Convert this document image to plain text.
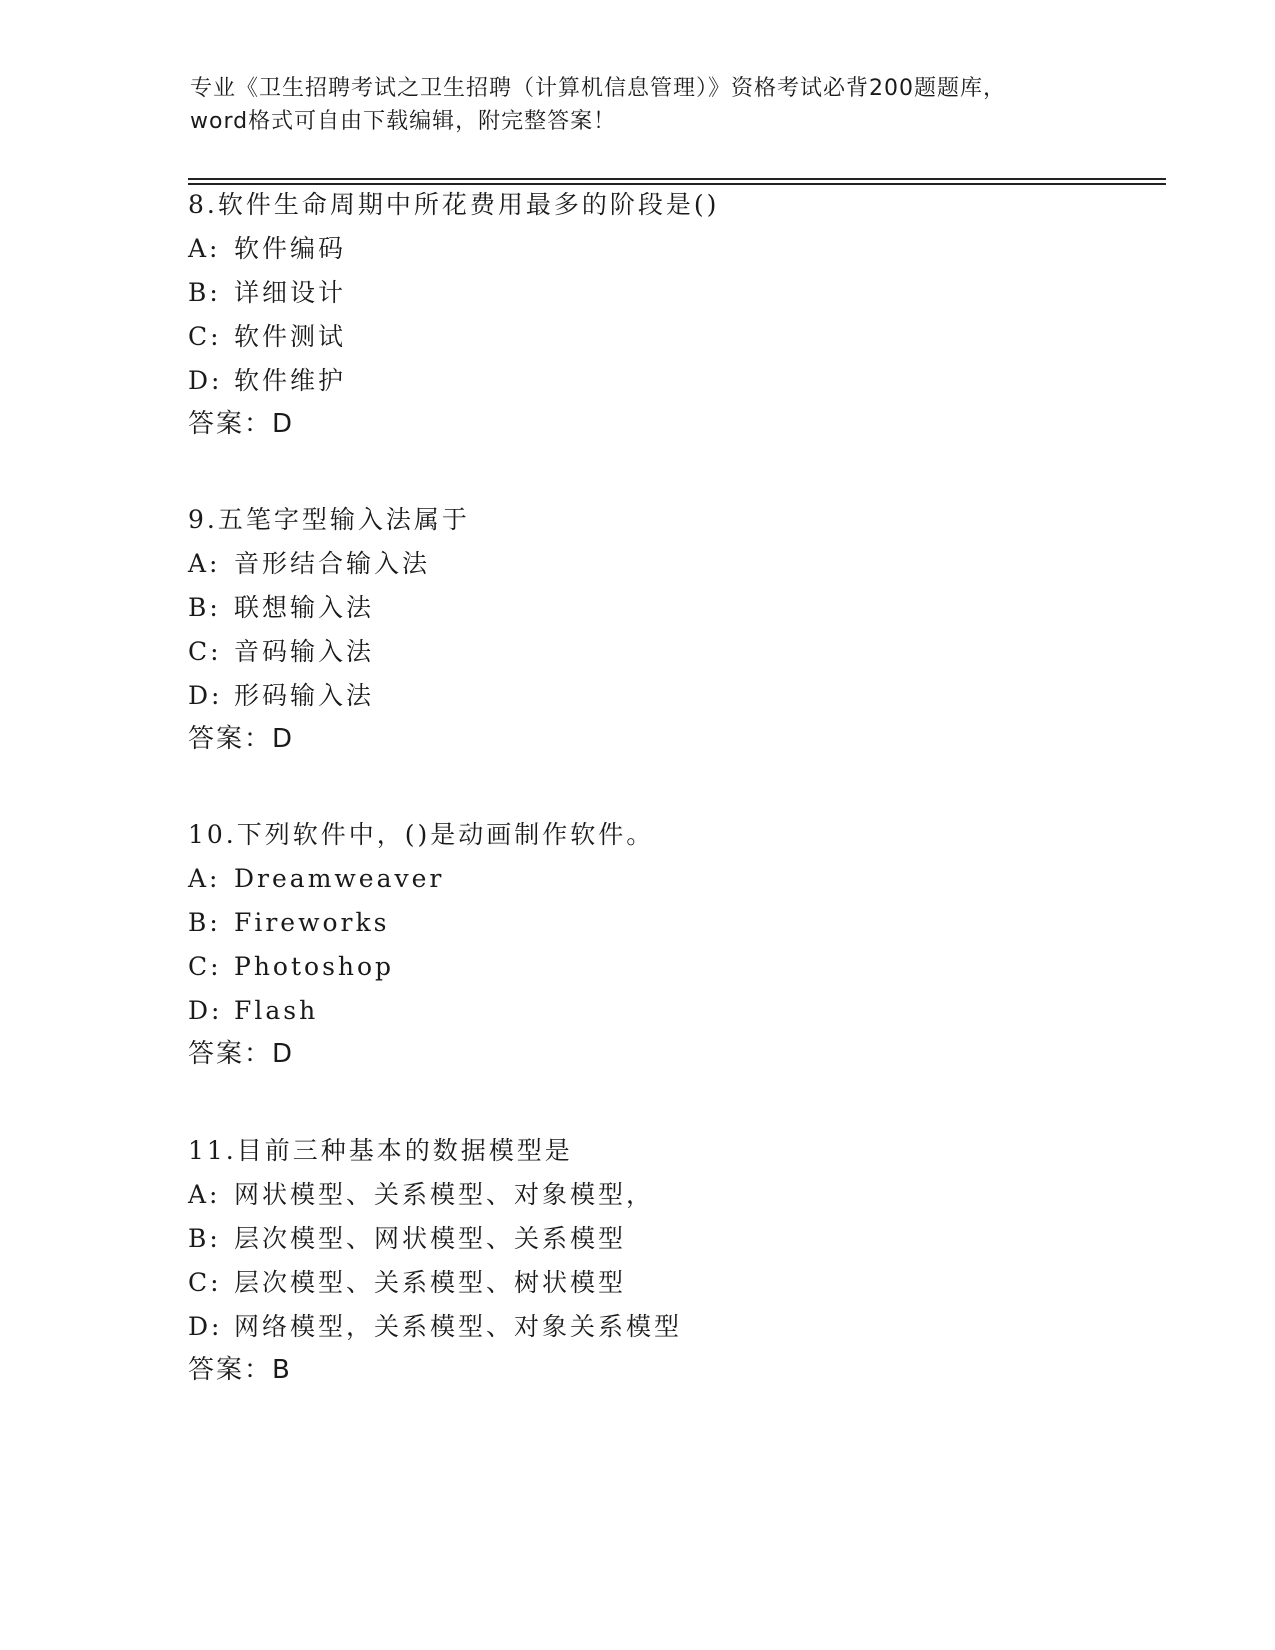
专业《卫生招聘考试之卫生招聘（计算机信息管理）》资格考试必背200题题库，
word格式可自由下载编辑，附完整答案！
8.软件生命周期中所花费用最多的阶段是()
A: 软件编码
B: 详细设计
C: 软件测试
D: 软件维护
答案：D
9.五笔字型输入法属于
A: 音形结合输入法
B: 联想输入法
C: 音码输入法
D: 形码输入法
答案：D
10.下列软件中，()是动画制作软件。
A: Dreamweaver
B: Fireworks
C: Photoshop
D: Flash
答案：D
11.目前三种基本的数据模型是
A: 网状模型、关系模型、对象模型，
B: 层次模型、网状模型、关系模型
C: 层次模型、关系模型、树状模型
D: 网络模型，关系模型、对象关系模型
答案：B
